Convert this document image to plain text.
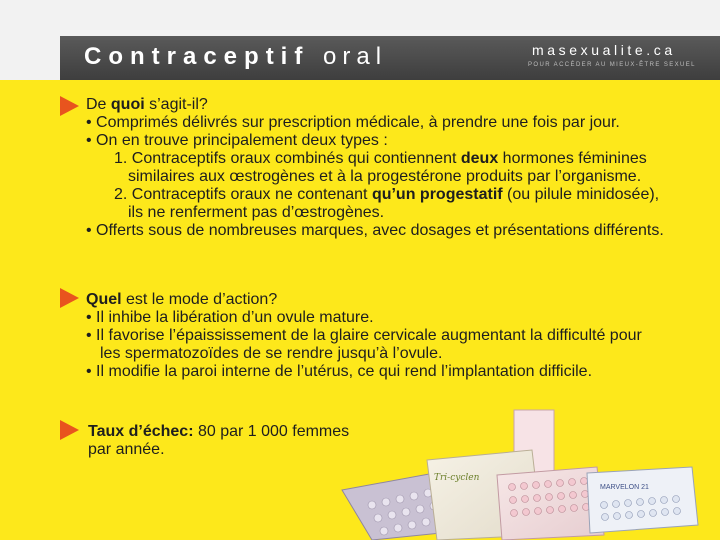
Contraceptif oral	masexualite.ca
POUR ACCÉDER AU MIEUX-ÊTRE SEXUEL
De quoi s’agit-il?
• Comprimés délivrés sur prescription médicale, à prendre une fois par jour.
• On en trouve principalement deux types :
1. Contraceptifs oraux combinés qui contiennent deux hormones féminines
similaires aux œstrogènes et à la progestérone produits par l’organisme.
2. Contraceptifs oraux ne contenant qu’un progestatif (ou pilule minidosée),
ils ne renferment pas d’œstrogènes.
• Offerts sous de nombreuses marques, avec dosages et présentations différents.
Quel est le mode d’action?
• Il inhibe la libération d’un ovule mature.
• Il favorise l’épaississement de la glaire cervicale augmentant la difficulté pour
les spermatozoïdes de se rendre jusqu’à l’ovule.
• Il modifie la paroi interne de l’utérus, ce qui rend l’implantation difficile.
Taux d’échec: 80 par 1 000 femmes
par année.
Tri-cyclen
MARVELON 21
